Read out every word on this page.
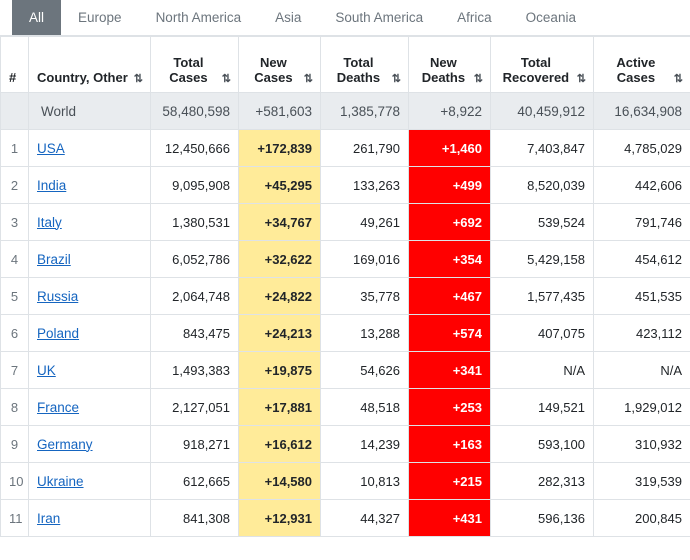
All	Europe	North America	Asia	South America	Africa	Oceania
#	Country, Other ⇅	Total Cases ⇅	New Cases ⇅	Total Deaths ⇅	New Deaths ⇅	Total Recovered ⇅	Active Cases ⇅

	World	58,480,598	+581,603	1,385,778	+8,922	40,459,912	16,634,908
1	USA	12,450,666	+172,839	261,790	+1,460	7,403,847	4,785,029
2	India	9,095,908	+45,295	133,263	+499	8,520,039	442,606
3	Italy	1,380,531	+34,767	49,261	+692	539,524	791,746
4	Brazil	6,052,786	+32,622	169,016	+354	5,429,158	454,612
5	Russia	2,064,748	+24,822	35,778	+467	1,577,435	451,535
6	Poland	843,475	+24,213	13,288	+574	407,075	423,112
7	UK	1,493,383	+19,875	54,626	+341	N/A	N/A
8	France	2,127,051	+17,881	48,518	+253	149,521	1,929,012
9	Germany	918,271	+16,612	14,239	+163	593,100	310,932
10	Ukraine	612,665	+14,580	10,813	+215	282,313	319,539
11	Iran	841,308	+12,931	44,327	+431	596,136	200,845
